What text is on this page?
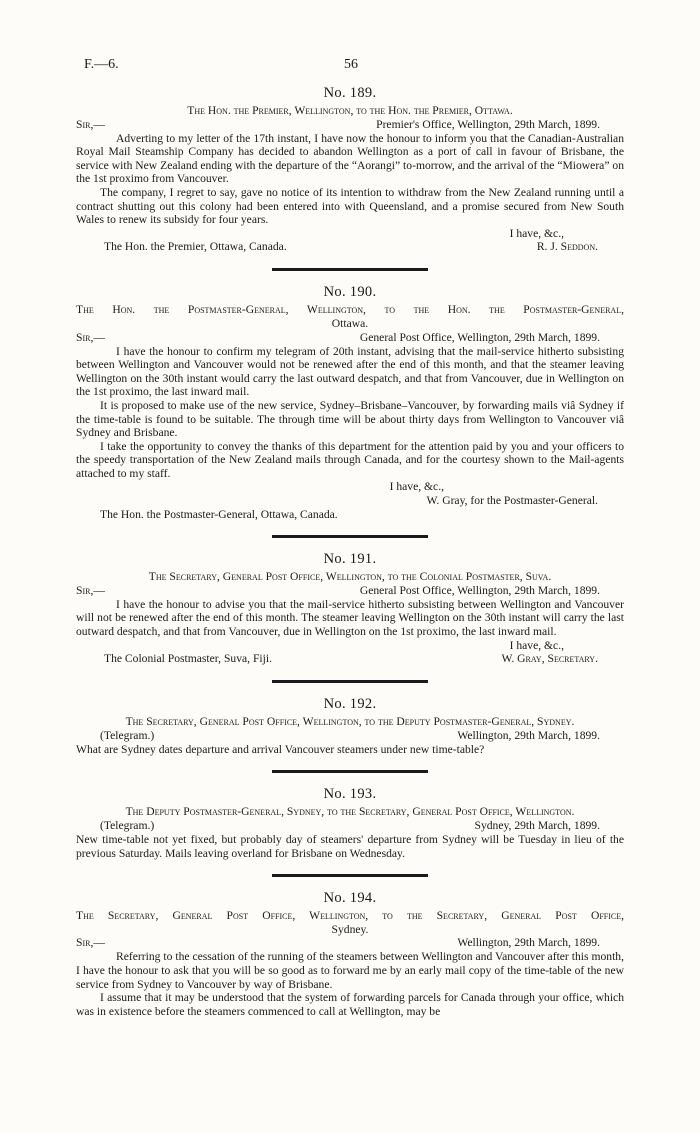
F.—6.	56
No. 189.
The Hon. the Premier, Wellington, to the Hon. the Premier, Ottawa.
Sir,—	Premier's Office, Wellington, 29th March, 1899.

Adverting to my letter of the 17th instant, I have now the honour to inform you that the Canadian-Australian Royal Mail Steamship Company has decided to abandon Wellington as a port of call in favour of Brisbane, the service with New Zealand ending with the departure of the “Aorangi” to-morrow, and the arrival of the “Miowera” on the 1st proximo from Vancouver.

The company, I regret to say, gave no notice of its intention to withdraw from the New Zealand running until a contract shutting out this colony had been entered into with Queensland, and a promise secured from New South Wales to renew its subsidy for four years.

I have, &c.,
The Hon. the Premier, Ottawa, Canada.	R. J. Seddon.
No. 190.
The Hon. the Postmaster-General, Wellington, to the Hon. the Postmaster-General,
Ottawa.
Sir,—	General Post Office, Wellington, 29th March, 1899.

I have the honour to confirm my telegram of 20th instant, advising that the mail-service hitherto subsisting between Wellington and Vancouver would not be renewed after the end of this month, and that the steamer leaving Wellington on the 30th instant would carry the last outward despatch, and that from Vancouver, due in Wellington on the 1st proximo, the last inward mail.

It is proposed to make use of the new service, Sydney–Brisbane–Vancouver, by forwarding mails viâ Sydney if the time-table is found to be suitable. The through time will be about thirty days from Wellington to Vancouver viâ Sydney and Brisbane.

I take the opportunity to convey the thanks of this department for the attention paid by you and your officers to the speedy transportation of the New Zealand mails through Canada, and for the courtesy shown to the Mail-agents attached to my staff.

I have, &c.,
W. Gray, for the Postmaster-General.
The Hon. the Postmaster-General, Ottawa, Canada.
No. 191.
The Secretary, General Post Office, Wellington, to the Colonial Postmaster, Suva.
Sir,—	General Post Office, Wellington, 29th March, 1899.

I have the honour to advise you that the mail-service hitherto subsisting between Wellington and Vancouver will not be renewed after the end of this month. The steamer leaving Wellington on the 30th instant will carry the last outward despatch, and that from Vancouver, due in Wellington on the 1st proximo, the last inward mail.

I have, &c.,
The Colonial Postmaster, Suva, Fiji.	W. Gray, Secretary.
No. 192.
The Secretary, General Post Office, Wellington, to the Deputy Postmaster-General, Sydney.
(Telegram.)	Wellington, 29th March, 1899.

What are Sydney dates departure and arrival Vancouver steamers under new time-table?

No. 193.
The Deputy Postmaster-General, Sydney, to the Secretary, General Post Office, Wellington.
(Telegram.)	Sydney, 29th March, 1899.

New time-table not yet fixed, but probably day of steamers' departure from Sydney will be Tuesday in lieu of the previous Saturday. Mails leaving overland for Brisbane on Wednesday.

No. 194.
The Secretary, General Post Office, Wellington, to the Secretary, General Post Office,
Sydney.
Sir,—	Wellington, 29th March, 1899.

Referring to the cessation of the running of the steamers between Wellington and Vancouver after this month, I have the honour to ask that you will be so good as to forward me by an early mail copy of the time-table of the new service from Sydney to Vancouver by way of Brisbane.

I assume that it may be understood that the system of forwarding parcels for Canada through your office, which was in existence before the steamers commenced to call at Wellington, may be
